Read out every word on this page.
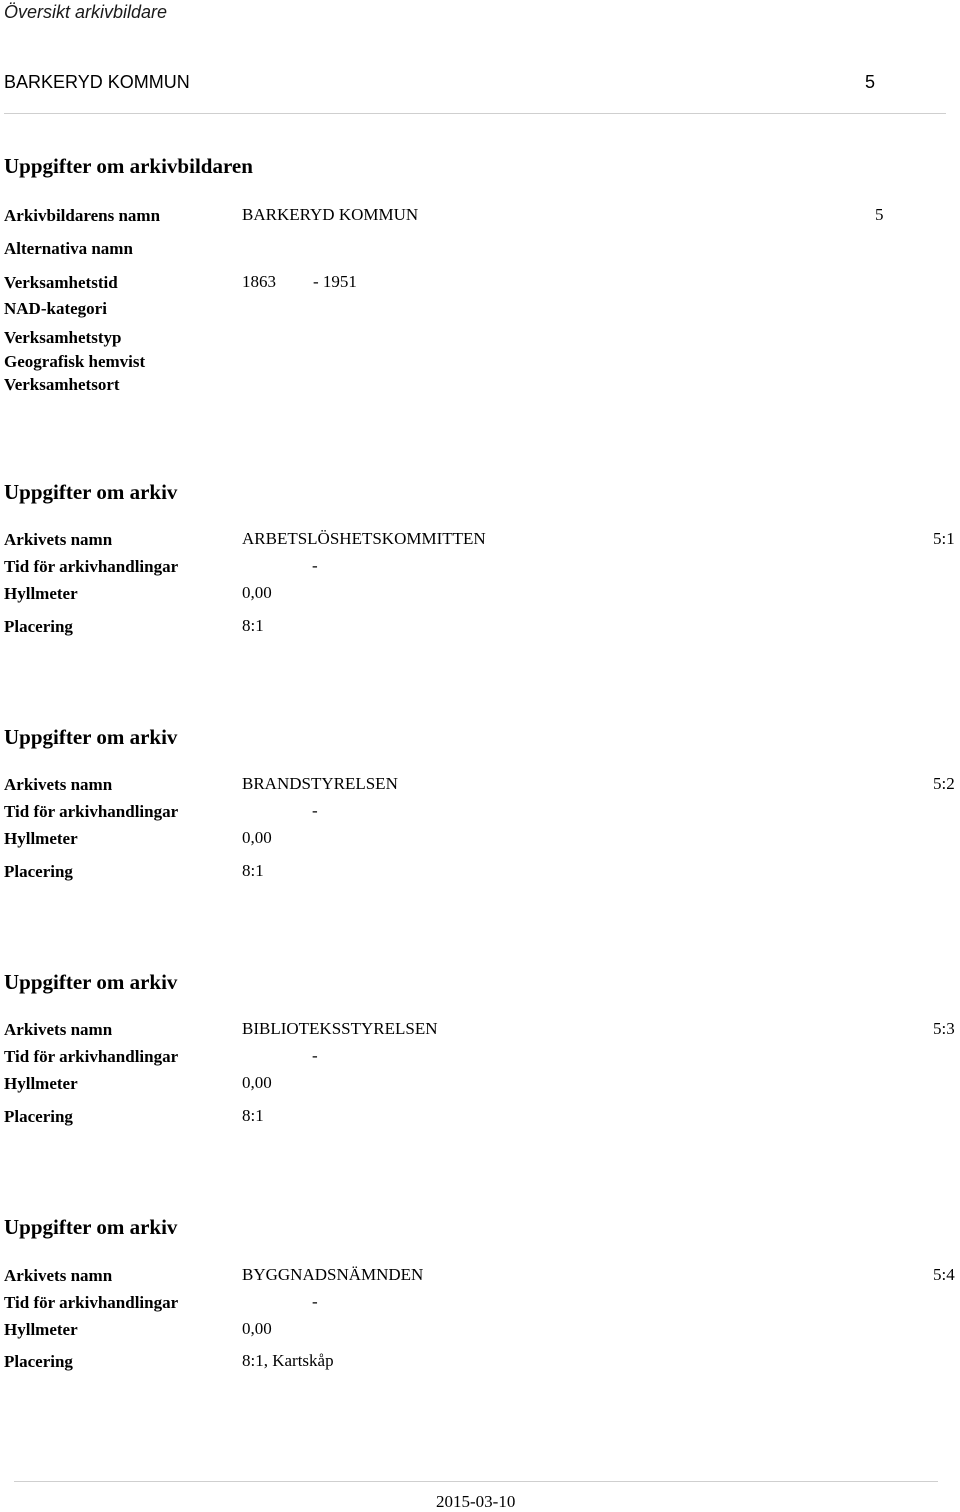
Översikt arkivbildare
BARKERYD KOMMUN	5
Uppgifter om arkivbildaren
Arkivbildarens namn	BARKERYD KOMMUN	5
Alternativa namn
Verksamhetstid	1863 - 1951
NAD-kategori
Verksamhetstyp
Geografisk hemvist
Verksamhetsort
Uppgifter om arkiv
Arkivets namn	ARBETSLÖSHETSKOMMITTEN	5:1
Tid för arkivhandlingar	-
Hyllmeter	0,00
Placering	8:1
Uppgifter om arkiv
Arkivets namn	BRANDSTYRELSEN	5:2
Tid för arkivhandlingar	-
Hyllmeter	0,00
Placering	8:1
Uppgifter om arkiv
Arkivets namn	BIBLIOTEKSSTYRELSEN	5:3
Tid för arkivhandlingar	-
Hyllmeter	0,00
Placering	8:1
Uppgifter om arkiv
Arkivets namn	BYGGNADSNÄMNDEN	5:4
Tid för arkivhandlingar	-
Hyllmeter	0,00
Placering	8:1, Kartskåp
2015-03-10
